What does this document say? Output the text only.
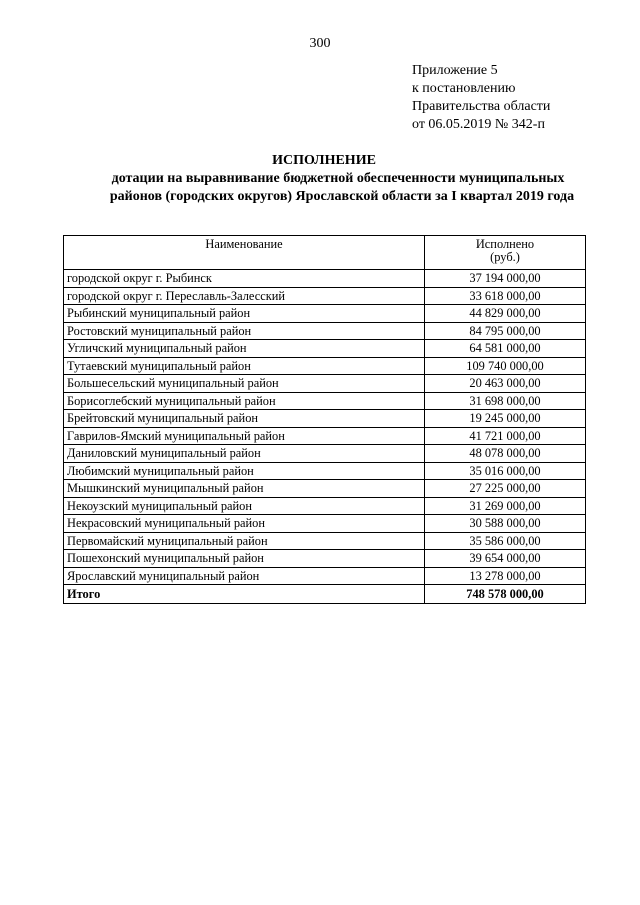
300
Приложение 5
к постановлению
Правительства области
от 06.05.2019 № 342-п
ИСПОЛНЕНИЕ
дотации на выравнивание бюджетной обеспеченности муниципальных
районов (городских округов) Ярославской области за I квартал 2019 года
Наименование	Исполнено
(руб.)

городской округ г. Рыбинск	37 194 000,00
городской округ г. Переславль-Залесский	33 618 000,00
Рыбинский муниципальный район	44 829 000,00
Ростовский муниципальный район	84 795 000,00
Угличский муниципальный район	64 581 000,00
Тутаевский муниципальный район	109 740 000,00
Большесельский муниципальный район	20 463 000,00
Борисоглебский муниципальный район	31 698 000,00
Брейтовский муниципальный район	19 245 000,00
Гаврилов-Ямский муниципальный район	41 721 000,00
Даниловский муниципальный район	48 078 000,00
Любимский муниципальный район	35 016 000,00
Мышкинский муниципальный район	27 225 000,00
Некоузский муниципальный район	31 269 000,00
Некрасовский муниципальный район	30 588 000,00
Первомайский муниципальный район	35 586 000,00
Пошехонский муниципальный район	39 654 000,00
Ярославский муниципальный район	13 278 000,00
Итого	748 578 000,00
